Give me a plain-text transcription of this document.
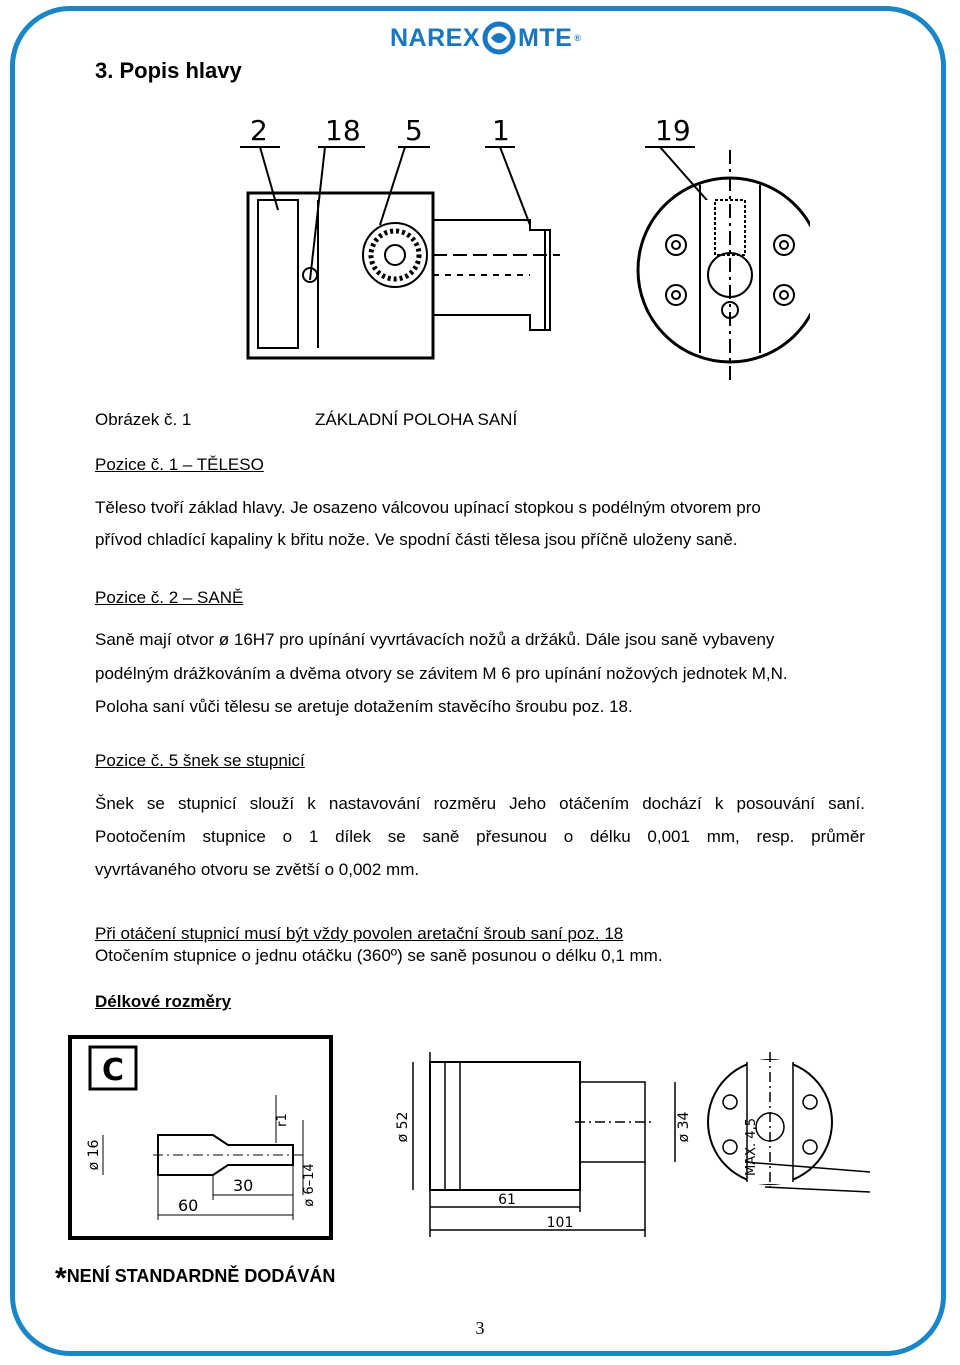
NAREX MTE ®
3. Popis hlavy
2 18 5 1	19
Obrázek č. 1	ZÁKLADNÍ POLOHA SANÍ
Pozice č. 1 – TĚLESO
Těleso tvoří základ hlavy. Je osazeno válcovou upínací stopkou s podélným otvorem pro
přívod chladící kapaliny k břitu nože. Ve spodní části tělesa jsou příčně uloženy saně.
Pozice č. 2 – SANĚ
Saně mají otvor ø 16H7 pro upínání vyvrtávacích nožů a držáků. Dále jsou saně vybaveny
podélným drážkováním a dvěma otvory se závitem M 6 pro upínání nožových jednotek M,N.
Poloha saní vůči tělesu se aretuje dotažením stavěcího šroubu poz. 18.
Pozice č. 5 šnek se stupnicí
Šnek se stupnicí slouží k nastavování rozměru Jeho otáčením dochází k posouvání saní.
Pootočením stupnice o 1 dílek se saně přesunou o délku 0,001 mm, resp. průměr
vyvrtávaného otvoru se zvětší o 0,002 mm.
Při otáčení stupnicí musí být vždy povolen aretační šroub saní poz. 18
Otočením stupnice o jednu otáčku (360º) se saně posunou o délku 0,1 mm.
Délkové rozměry
C
ø 16
r1
30	ø 6–14
60
ø 52	ø 34
61
101
MAX. 4,5
*NENÍ STANDARDNĚ DODÁVÁN
3
